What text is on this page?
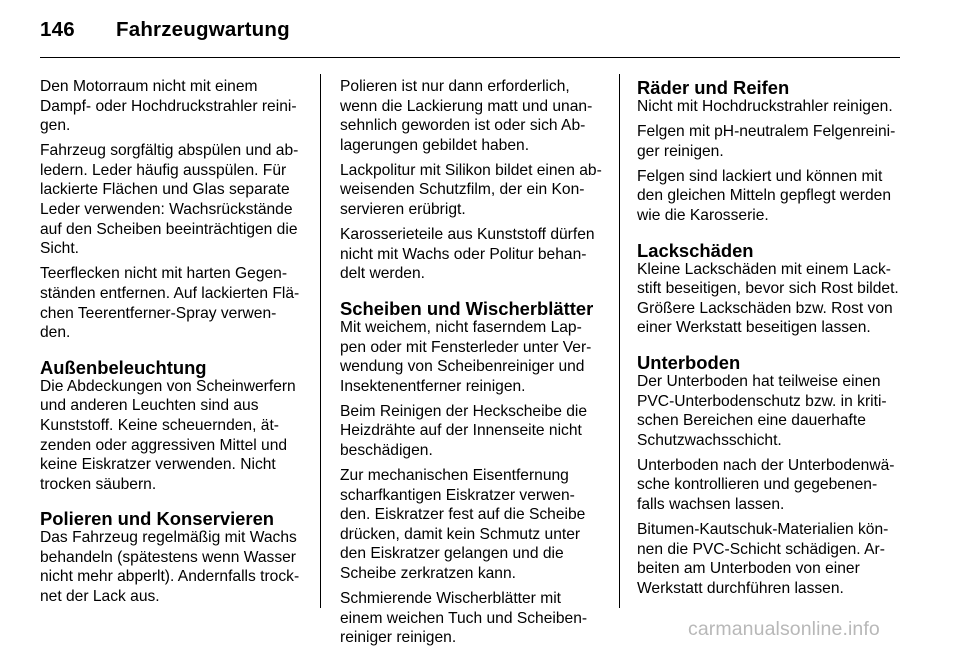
146 Fahrzeugwartung

Den Motorraum nicht mit einem
Dampf- oder Hochdruckstrahler reini-
gen.

Fahrzeug sorgfältig abspülen und ab-
ledern. Leder häufig ausspülen. Für
lackierte Flächen und Glas separate
Leder verwenden: Wachsrückstände
auf den Scheiben beeinträchtigen die
Sicht.

Teerflecken nicht mit harten Gegen-
ständen entfernen. Auf lackierten Flä-
chen Teerentferner-Spray verwen-
den.

Außenbeleuchtung

Die Abdeckungen von Scheinwerfern
und anderen Leuchten sind aus
Kunststoff. Keine scheuernden, ät-
zenden oder aggressiven Mittel und
keine Eiskratzer verwenden. Nicht
trocken säubern.

Polieren und Konservieren

Das Fahrzeug regelmäßig mit Wachs
behandeln (spätestens wenn Wasser
nicht mehr abperlt). Andernfalls trock-
net der Lack aus.

Polieren ist nur dann erforderlich,
wenn die Lackierung matt und unan-
sehnlich geworden ist oder sich Ab-
lagerungen gebildet haben.

Lackpolitur mit Silikon bildet einen ab-
weisenden Schutzfilm, der ein Kon-
servieren erübrigt.

Karosserieteile aus Kunststoff dürfen
nicht mit Wachs oder Politur behan-
delt werden.

Scheiben und Wischerblätter

Mit weichem, nicht faserndem Lap-
pen oder mit Fensterleder unter Ver-
wendung von Scheibenreiniger und
Insektenentferner reinigen.

Beim Reinigen der Heckscheibe die
Heizdrähte auf der Innenseite nicht
beschädigen.

Zur mechanischen Eisentfernung
scharfkantigen Eiskratzer verwen-
den. Eiskratzer fest auf die Scheibe
drücken, damit kein Schmutz unter
den Eiskratzer gelangen und die
Scheibe zerkratzen kann.

Schmierende Wischerblätter mit
einem weichen Tuch und Scheiben-
reiniger reinigen.

Räder und Reifen

Nicht mit Hochdruckstrahler reinigen.

Felgen mit pH-neutralem Felgenreini-
ger reinigen.

Felgen sind lackiert und können mit
den gleichen Mitteln gepflegt werden
wie die Karosserie.

Lackschäden

Kleine Lackschäden mit einem Lack-
stift beseitigen, bevor sich Rost bildet.
Größere Lackschäden bzw. Rost von
einer Werkstatt beseitigen lassen.

Unterboden

Der Unterboden hat teilweise einen
PVC-Unterbodenschutz bzw. in kriti-
schen Bereichen eine dauerhafte
Schutzwachsschicht.

Unterboden nach der Unterbodenwä-
sche kontrollieren und gegebenen-
falls wachsen lassen.

Bitumen-Kautschuk-Materialien kön-
nen die PVC-Schicht schädigen. Ar-
beiten am Unterboden von einer
Werkstatt durchführen lassen.

carmanualsonline.info
